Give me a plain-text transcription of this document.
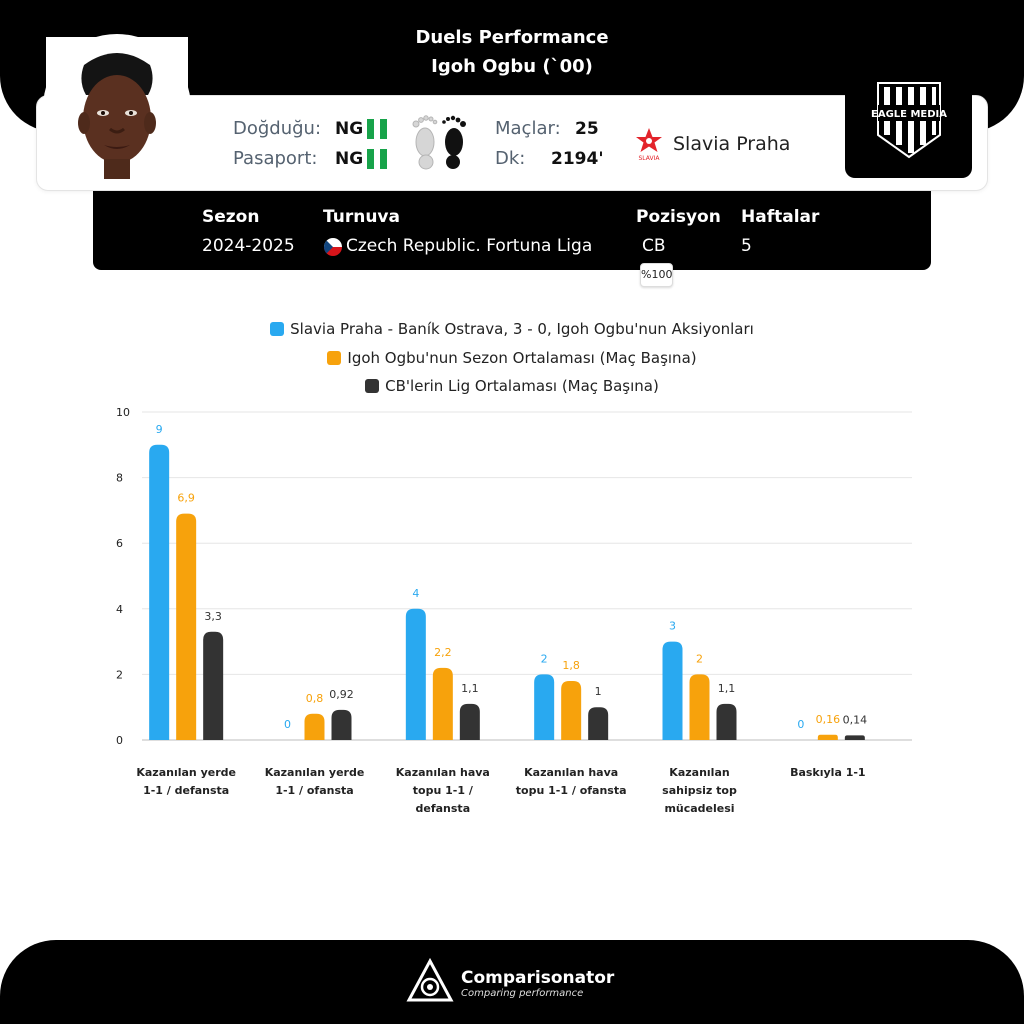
Duels Performance
Igoh Ogbu (`00)
Doğduğu: NG
Pasaport: NG
Maçlar: 25
Dk: 2194'	SLAVIA
Slavia Praha
EAGLE MEDIA
Sezon
2024-2025
Turnuva
Czech Republic. Fortuna Liga
Pozisyon
CB
%100
Haftalar
5
Slavia Praha - Baník Ostrava, 3 - 0, Igoh Ogbu'nun Aksiyonları
Igoh Ogbu'nun Sezon Ortalaması (Maç Başına)
CB'lerin Lig Ortalaması (Maç Başına)
0
2
4
6
8
10
9
6,9
3,3
Kazanılan yerde
1-1 / defansta
0
0,8 0,92
Kazanılan yerde
1-1 / ofansta
4
2,2
1,1
Kazanılan hava
topu 1-1 /
defansta
2
1,8
1
Kazanılan hava
topu 1-1 / ofansta
3
2
1,1
Kazanılan
sahipsiz top
mücadelesi
0 0,16 0,14
Baskıyla 1-1
Comparisonator
Comparing performance
